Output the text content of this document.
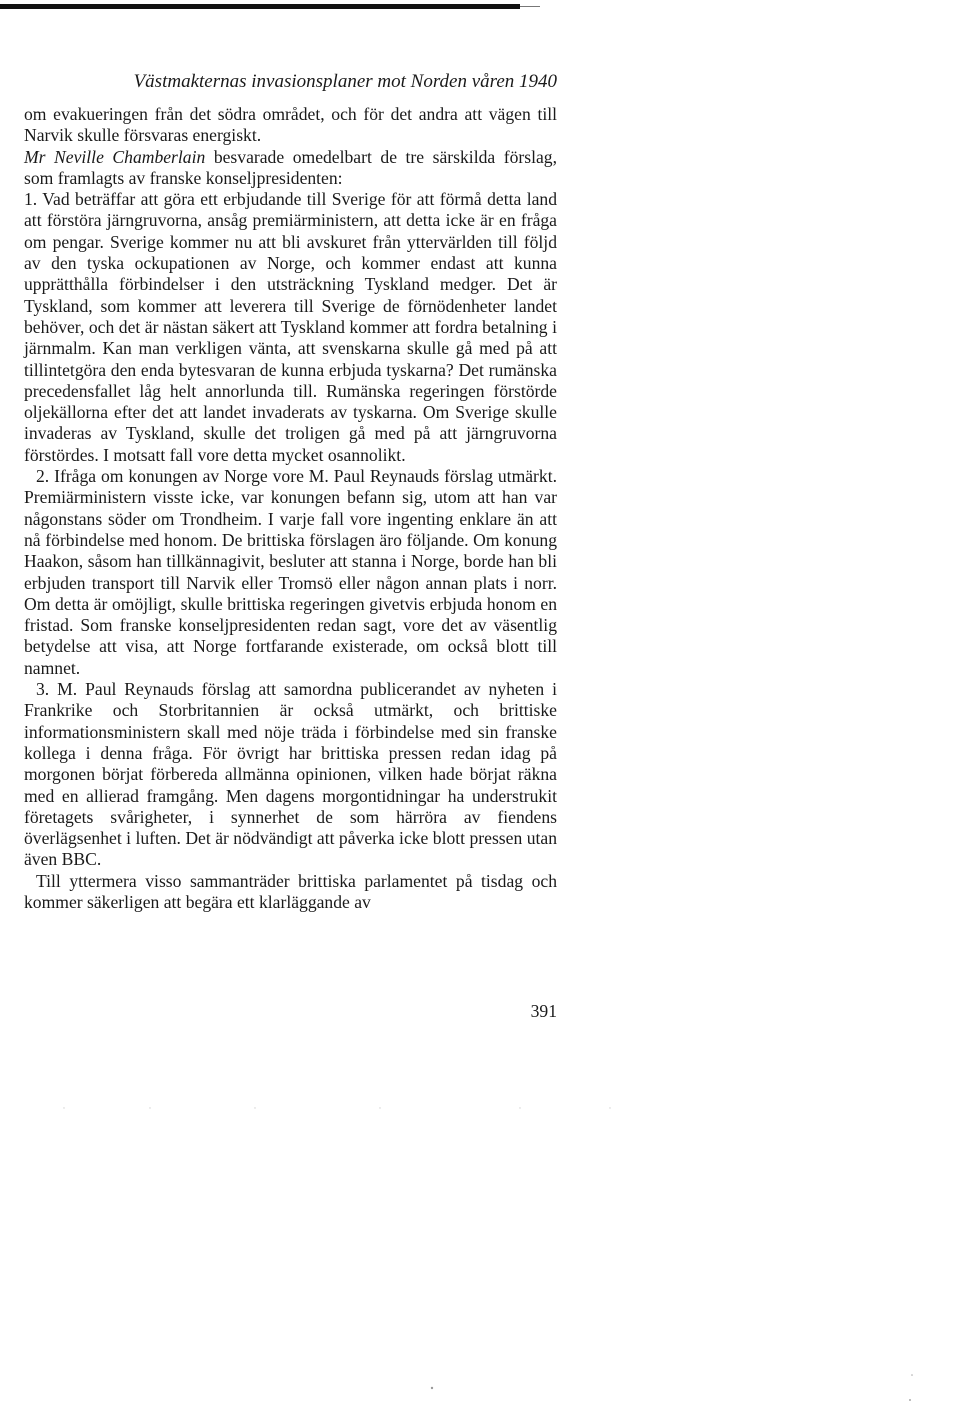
Västmakternas invasionsplaner mot Norden våren 1940

om evakueringen från det södra området, och för det andra att vägen till Narvik skulle försvaras energiskt.

Mr Neville Chamberlain besvarade omedelbart de tre särskilda förslag, som framlagts av franske konseljpresidenten:

1. Vad beträffar att göra ett erbjudande till Sverige för att förmå detta land att förstöra järngruvorna, ansåg premiärministern, att detta icke är en fråga om pengar. Sverige kommer nu att bli avskuret från yttervärlden till följd av den tyska ockupationen av Norge, och kommer endast att kunna upprätthålla förbindelser i den utsträckning Tyskland medger. Det är Tyskland, som kommer att leverera till Sverige de förnödenheter landet behöver, och det är nästan säkert att Tyskland kommer att fordra betalning i järnmalm. Kan man verkligen vänta, att svenskarna skulle gå med på att tillintetgöra den enda bytesvaran de kunna erbjuda tyskarna? Det rumänska precedensfallet låg helt annorlunda till. Rumänska regeringen förstörde oljekällorna efter det att landet invaderats av tyskarna. Om Sverige skulle invaderas av Tyskland, skulle det troligen gå med på att järngruvorna förstördes. I motsatt fall vore detta mycket osannolikt.

2. Ifråga om konungen av Norge vore M. Paul Reynauds förslag utmärkt. Premiärministern visste icke, var konungen befann sig, utom att han var någonstans söder om Trondheim. I varje fall vore ingenting enklare än att nå förbindelse med honom. De brittiska förslagen äro följande. Om konung Haakon, såsom han tillkännagivit, besluter att stanna i Norge, borde han bli erbjuden transport till Narvik eller Tromsö eller någon annan plats i norr. Om detta är omöjligt, skulle brittiska regeringen givetvis erbjuda honom en fristad. Som franske konseljpresidenten redan sagt, vore det av väsentlig betydelse att visa, att Norge fortfarande existerade, om också blott till namnet.

3. M. Paul Reynauds förslag att samordna publicerandet av nyheten i Frankrike och Storbritannien är också utmärkt, och brittiske informationsministern skall med nöje träda i förbindelse med sin franske kollega i denna fråga. För övrigt har brittiska pressen redan idag på morgonen börjat förbereda allmänna opinionen, vilken hade börjat räkna med en allierad framgång. Men dagens morgontidningar ha understrukit företagets svårigheter, i synnerhet de som härröra av fiendens överlägsenhet i luften. Det är nödvändigt att påverka icke blott pressen utan även BBC.

Till yttermera visso sammanträder brittiska parlamentet på tisdag och kommer säkerligen att begära ett klarläggande av

391
